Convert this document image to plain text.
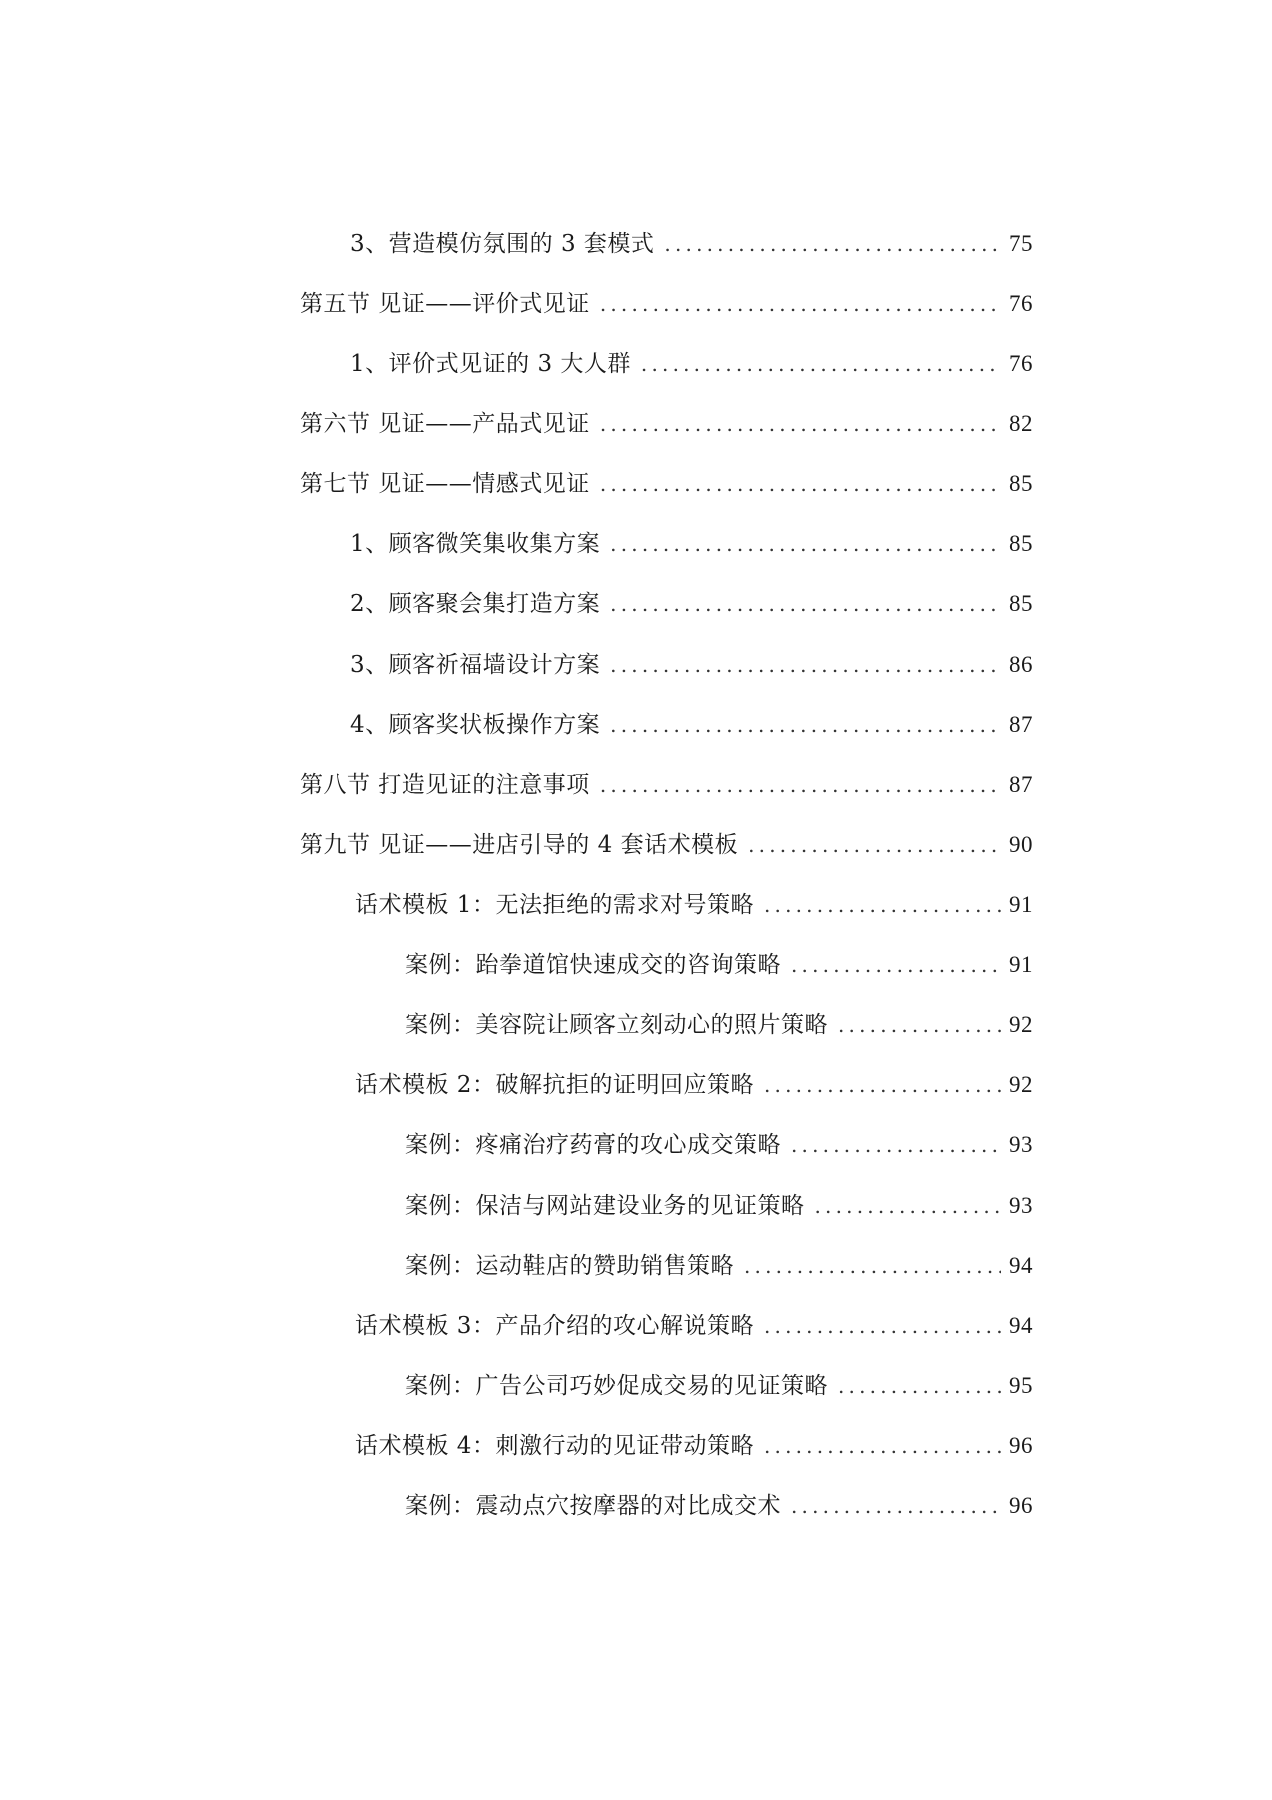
3、营造模仿氛围的 3 套模式 .....	75
第五节 见证——评价式见证 .....	76
1、评价式见证的 3 大人群 .....	76
第六节 见证——产品式见证 .....	82
第七节 见证——情感式见证 .....	85
1、顾客微笑集收集方案 .....	85
2、顾客聚会集打造方案 .....	85
3、顾客祈福墙设计方案 .....	86
4、顾客奖状板操作方案 .....	87
第八节 打造见证的注意事项 .....	87
第九节 见证——进店引导的 4 套话术模板 .....	90
话术模板 1：无法拒绝的需求对号策略 .....	91
案例：跆拳道馆快速成交的咨询策略 .....	91
案例：美容院让顾客立刻动心的照片策略 .....	92
话术模板 2：破解抗拒的证明回应策略 .....	92
案例：疼痛治疗药膏的攻心成交策略 .....	93
案例：保洁与网站建设业务的见证策略 .....	93
案例：运动鞋店的赞助销售策略 .....	94
话术模板 3：产品介绍的攻心解说策略 .....	94
案例：广告公司巧妙促成交易的见证策略 .....	95
话术模板 4：刺激行动的见证带动策略 .....	96
案例：震动点穴按摩器的对比成交术 .....	96
